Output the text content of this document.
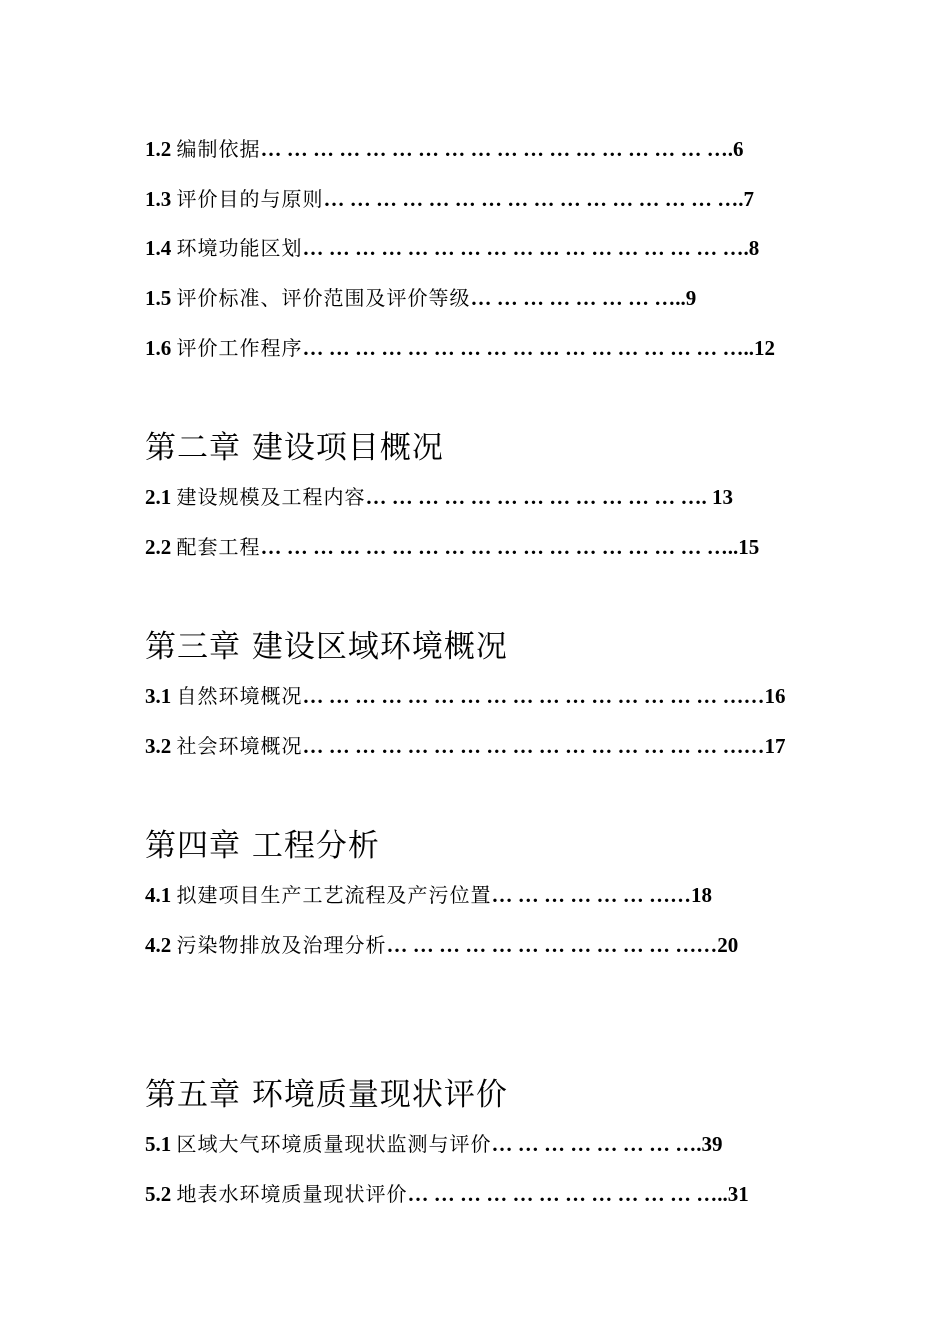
1.2 编制依据… … … … … … … … … … … … … … … … … ….6
1.3 评价目的与原则… … … … … … … … … … … … … … … ….7
1.4 环境功能区划… … … … … … … … … … … … … … … … ….8
1.5 评价标准、评价范围及评价等级… … … … … … … …..9
1.6 评价工作程序… … … … … … … … … … … … … … … … …..12
第二章 建设项目概况
2.1 建设规模及工程内容… … … … … … … … … … … … …. 13
2.2 配套工程… … … … … … … … … … … … … … … … … …..15
第三章 建设区域环境概况
3.1 自然环境概况… … … … … … … … … … … … … … … … ……16
3.2 社会环境概况… … … … … … … … … … … … … … … … ……17
第四章 工程分析
4.1 拟建项目生产工艺流程及产污位置… … … … … … ……18
4.2 污染物排放及治理分析… … … … … … … … … … … ……20
第五章 环境质量现状评价
5.1 区域大气环境质量现状监测与评价… … … … … … … ….39
5.2 地表水环境质量现状评价… … … … … … … … … … … …..31
